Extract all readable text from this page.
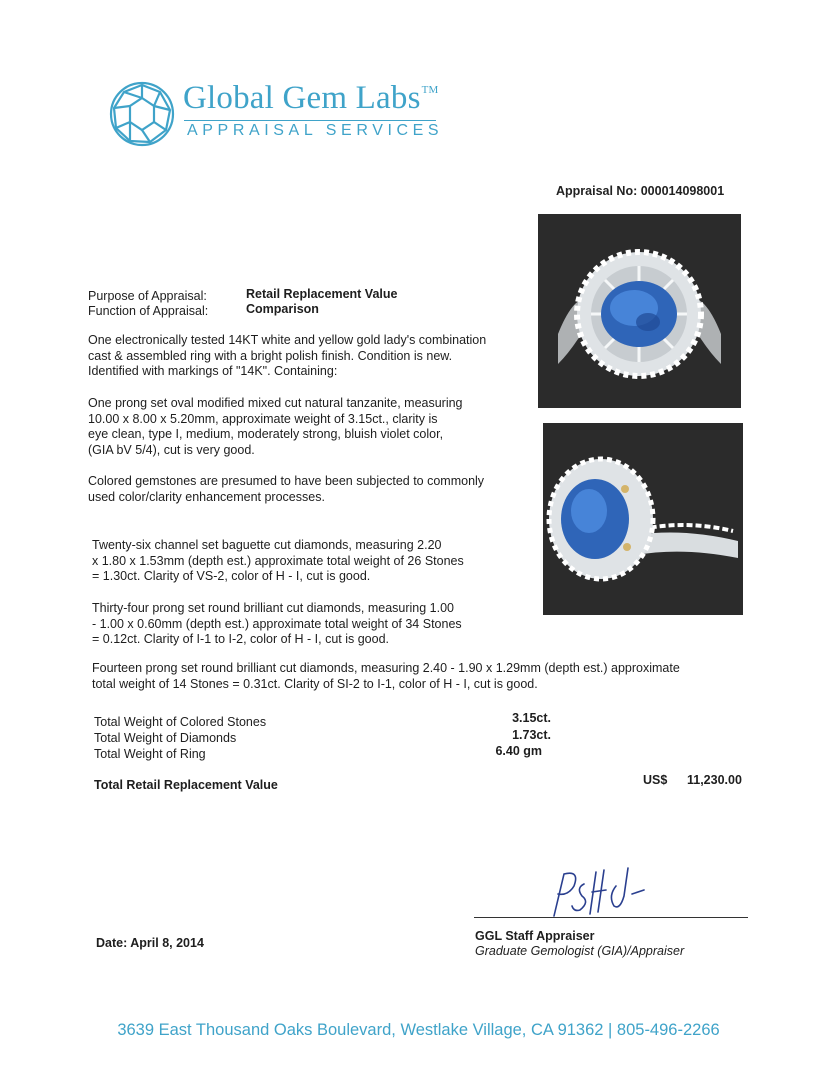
Global Gem Labs™
APPRAISAL SERVICES
Appraisal No: 000014098001
Purpose of Appraisal:	Retail Replacement Value
Function of Appraisal:	Comparison
One electronically tested 14KT white and yellow gold lady's combination
cast & assembled ring with a bright polish finish. Condition is new.
Identified with markings of "14K". Containing:
One prong set oval modified mixed cut natural tanzanite, measuring
10.00 x 8.00 x 5.20mm, approximate weight of 3.15ct., clarity is
eye clean, type I, medium, moderately strong, bluish violet color,
(GIA bV 5/4), cut is very good.
Colored gemstones are presumed to have been subjected to commonly
used color/clarity enhancement processes.
Twenty-six channel set baguette cut diamonds, measuring 2.20
x 1.80 x 1.53mm (depth est.) approximate total weight of 26 Stones
= 1.30ct. Clarity of VS-2, color of H - I, cut is good.
Thirty-four prong set round brilliant cut diamonds, measuring 1.00
- 1.00 x 0.60mm (depth est.) approximate total weight of 34 Stones
= 0.12ct. Clarity of I-1 to I-2, color of H - I, cut is good.
Fourteen prong set round brilliant cut diamonds, measuring 2.40 - 1.90 x 1.29mm (depth est.) approximate
total weight of 14 Stones = 0.31ct. Clarity of SI-2 to I-1, color of H - I, cut is good.
Total Weight of Colored Stones	3.15ct.
Total Weight of Diamonds	1.73ct.
Total Weight of Ring	6.40 gm
Total Retail Replacement Value	US$ 11,230.00
Date: April 8, 2014	GGL Staff Appraiser
Graduate Gemologist (GIA)/Appraiser
3639 East Thousand Oaks Boulevard, Westlake Village, CA 91362 | 805-496-2266
